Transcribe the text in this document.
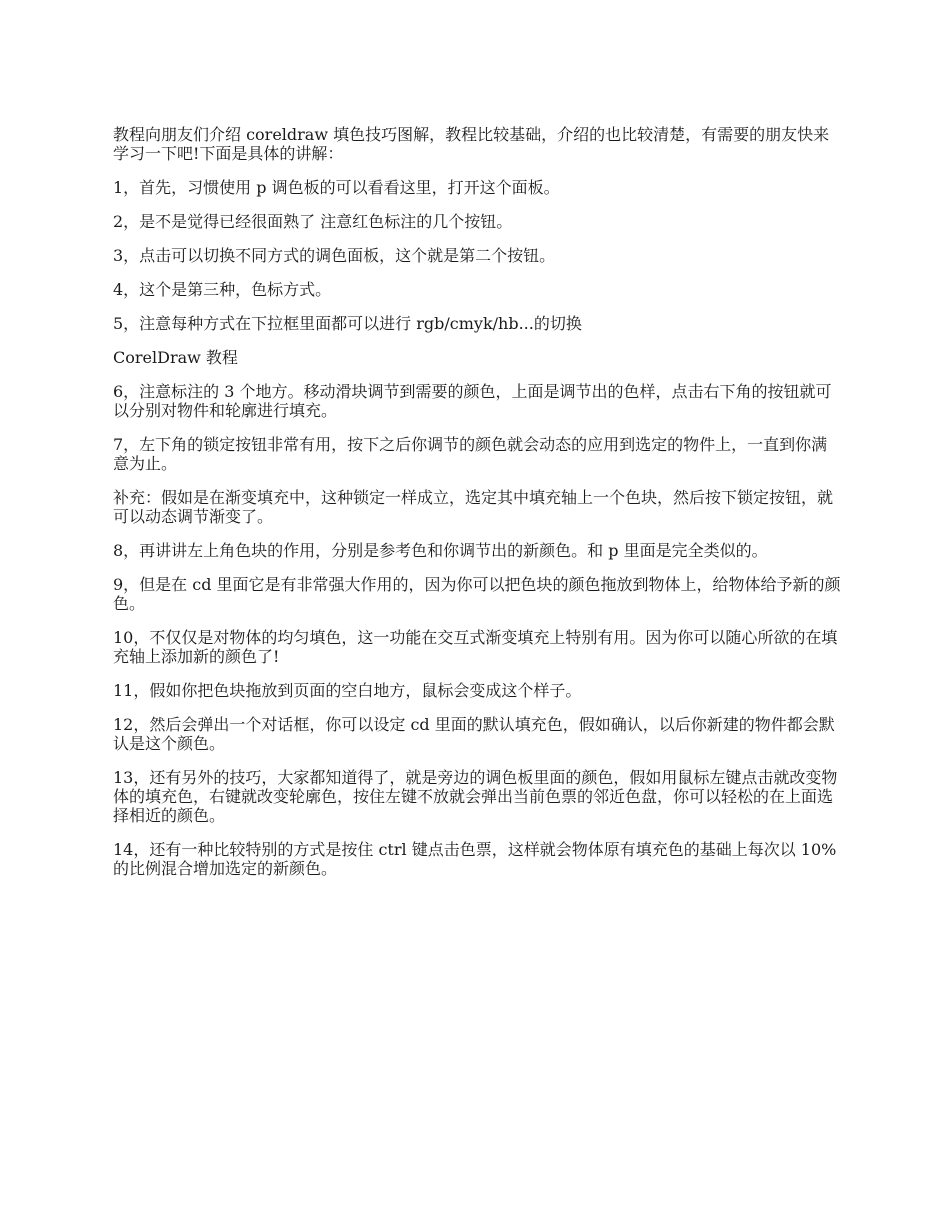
教程向朋友们介绍 coreldraw 填色技巧图解，教程比较基础，介绍的也比较清楚，有需要的朋友快来学习一下吧!下面是具体的讲解：

1，首先，习惯使用 p 调色板的可以看看这里，打开这个面板。

2，是不是觉得已经很面熟了 注意红色标注的几个按钮。

3，点击可以切换不同方式的调色面板，这个就是第二个按钮。

4，这个是第三种，色标方式。

5，注意每种方式在下拉框里面都可以进行 rgb/cmyk/hb...的切换

CorelDraw 教程

6，注意标注的 3 个地方。移动滑块调节到需要的颜色，上面是调节出的色样，点击右下角的按钮就可以分别对物件和轮廓进行填充。

7，左下角的锁定按钮非常有用，按下之后你调节的颜色就会动态的应用到选定的物件上，一直到你满意为止。

补充：假如是在渐变填充中，这种锁定一样成立，选定其中填充轴上一个色块，然后按下锁定按钮，就可以动态调节渐变了。

8，再讲讲左上角色块的作用，分别是参考色和你调节出的新颜色。和 p 里面是完全类似的。

9，但是在 cd 里面它是有非常强大作用的，因为你可以把色块的颜色拖放到物体上，给物体给予新的颜色。

10，不仅仅是对物体的均匀填色，这一功能在交互式渐变填充上特别有用。因为你可以随心所欲的在填充轴上添加新的颜色了!

11，假如你把色块拖放到页面的空白地方，鼠标会变成这个样子。

12，然后会弹出一个对话框，你可以设定 cd 里面的默认填充色，假如确认，以后你新建的物件都会默认是这个颜色。

13，还有另外的技巧，大家都知道得了，就是旁边的调色板里面的颜色，假如用鼠标左键点击就改变物体的填充色，右键就改变轮廓色，按住左键不放就会弹出当前色票的邻近色盘，你可以轻松的在上面选择相近的颜色。

14，还有一种比较特别的方式是按住 ctrl 键点击色票，这样就会物体原有填充色的基础上每次以 10%的比例混合增加选定的新颜色。
